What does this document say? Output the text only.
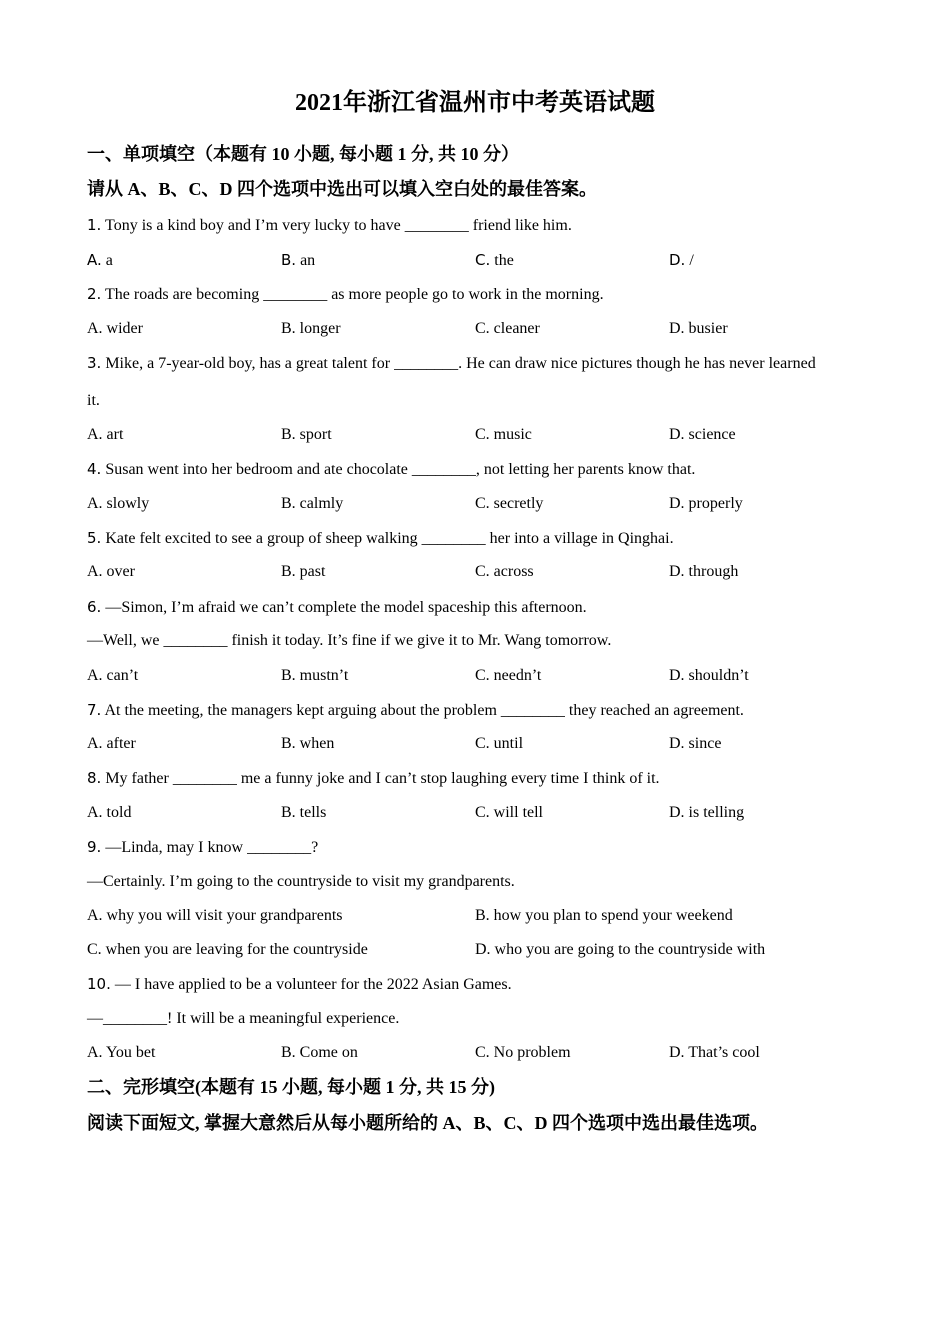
2021年浙江省温州市中考英语试题
一、单项填空（本题有 10 小题, 每小题 1 分, 共 10 分）
请从 A、B、C、D 四个选项中选出可以填入空白处的最佳答案。
1. Tony is a kind boy and I’m very lucky to have ________ friend like him.
A. a	B. an	C. the	D. /
2. The roads are becoming ________ as more people go to work in the morning.
A. wider	B. longer	C. cleaner	D. busier
3. Mike, a 7-year-old boy, has a great talent for ________. He can draw nice pictures though he has never learned
it.
A. art	B. sport	C. music	D. science
4. Susan went into her bedroom and ate chocolate ________, not letting her parents know that.
A. slowly	B. calmly	C. secretly	D. properly
5. Kate felt excited to see a group of sheep walking ________ her into a village in Qinghai.
A. over	B. past	C. across	D. through
6. —Simon, I’m afraid we can’t complete the model spaceship this afternoon.
—Well, we ________ finish it today. It’s fine if we give it to Mr. Wang tomorrow.
A. can’t	B. mustn’t	C. needn’t	D. shouldn’t
7. At the meeting, the managers kept arguing about the problem ________ they reached an agreement.
A. after	B. when	C. until	D. since
8. My father ________ me a funny joke and I can’t stop laughing every time I think of it.
A. told	B. tells	C. will tell	D. is telling
9. —Linda, may I know ________?
—Certainly. I’m going to the countryside to visit my grandparents.
A. why you will visit your grandparents	B. how you plan to spend your weekend
C. when you are leaving for the countryside	D. who you are going to the countryside with
10. — I have applied to be a volunteer for the 2022 Asian Games.
—________! It will be a meaningful experience.
A. You bet	B. Come on	C. No problem	D. That’s cool
二、完形填空(本题有 15 小题, 每小题 1 分, 共 15 分)
阅读下面短文, 掌握大意然后从每小题所给的 A、B、C、D 四个选项中选出最佳选项。
